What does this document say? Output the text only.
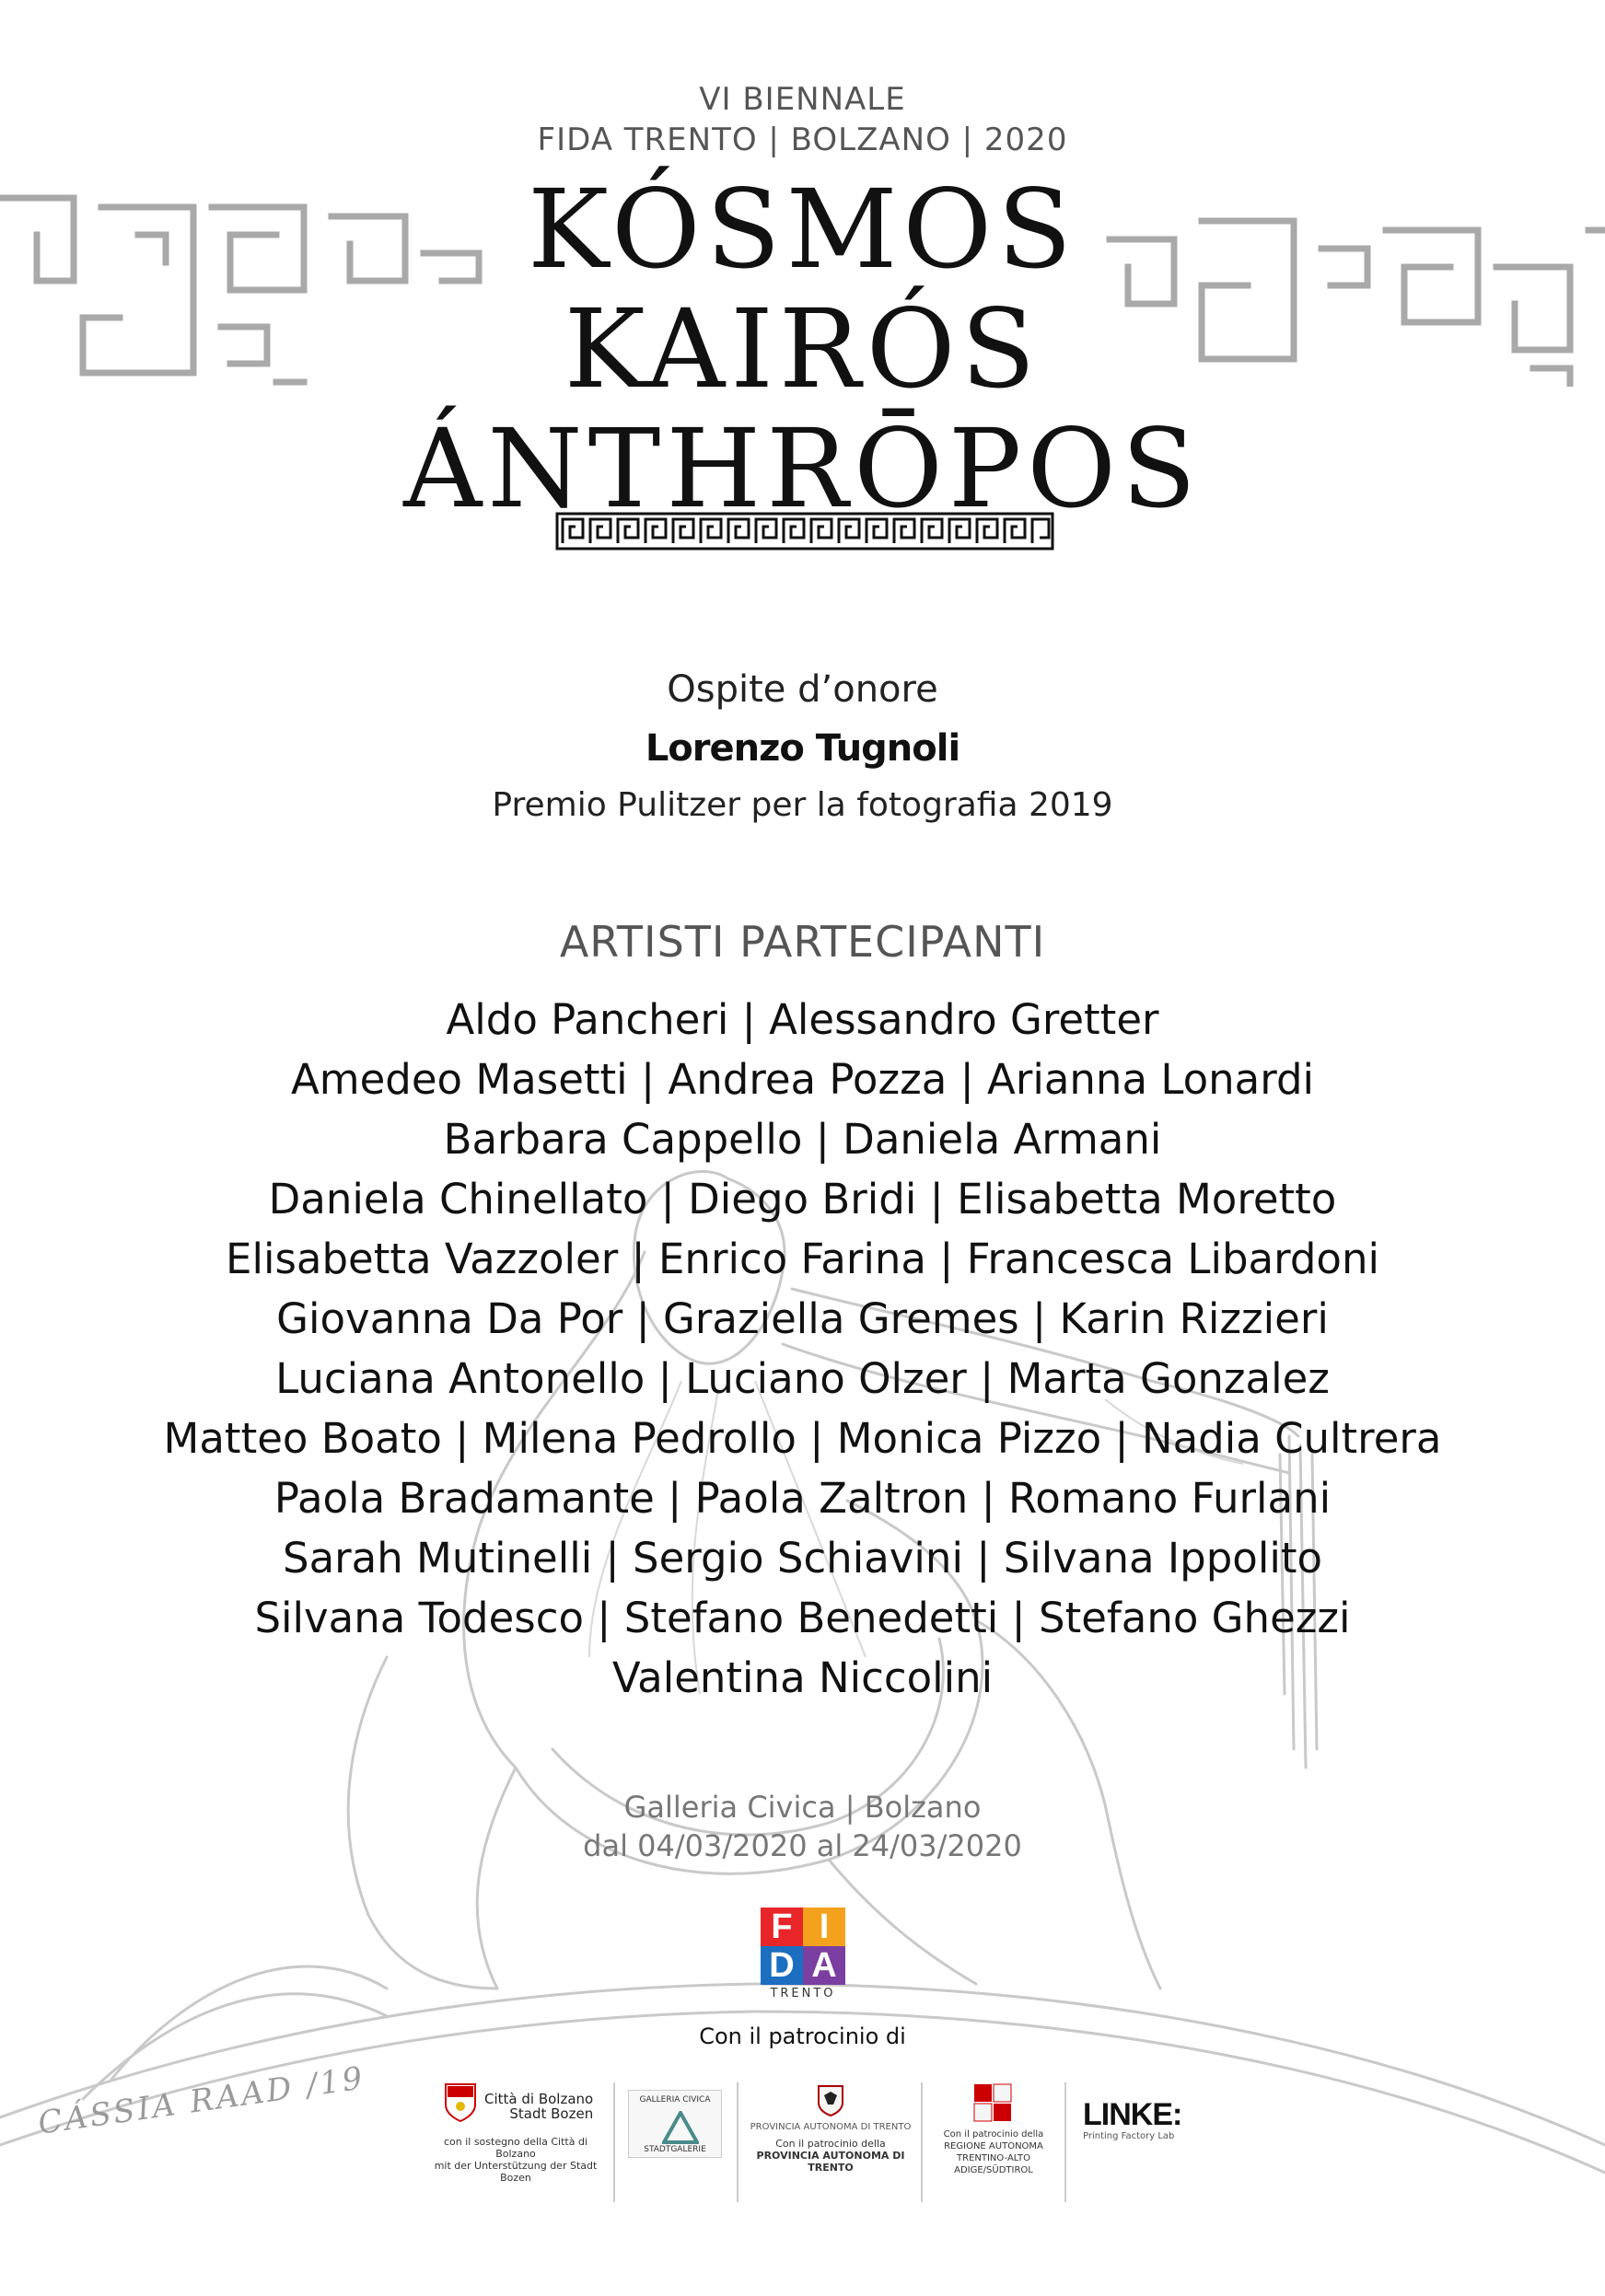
VI BIENNALE
FIDA TRENTO | BOLZANO | 2020
KÓSMOS
KAIRÓS
ÁNTHRŌPOS
Ospite d’onore
Lorenzo Tugnoli
Premio Pulitzer per la fotografia 2019
ARTISTI PARTECIPANTI
Aldo Pancheri | Alessandro Gretter
Amedeo Masetti | Andrea Pozza | Arianna Lonardi
Barbara Cappello | Daniela Armani
Daniela Chinellato | Diego Bridi | Elisabetta Moretto
Elisabetta Vazzoler | Enrico Farina | Francesca Libardoni
Giovanna Da Por | Graziella Gremes | Karin Rizzieri
Luciana Antonello | Luciano Olzer | Marta Gonzalez
Matteo Boato | Milena Pedrollo | Monica Pizzo | Nadia Cultrera
Paola Bradamante | Paola Zaltron | Romano Furlani
Sarah Mutinelli | Sergio Schiavini | Silvana Ippolito
Silvana Todesco | Stefano Benedetti | Stefano Ghezzi
Valentina Niccolini
Galleria Civica | Bolzano
dal 04/03/2020 al 24/03/2020
F I
D A
TRENTO
Con il patrocinio di
CÁSSIA RAAD /19	Città di Bolzano
Stadt Bozen
con il sostegno della Città di Bolzano
mit der Unterstützung der Stadt Bozen
GALLERIA CIVICA
STADTGALERIE
PROVINCIA AUTONOMA DI TRENTO
Con il patrocinio della
PROVINCIA AUTONOMA DI TRENTO
Con il patrocinio della
REGIONE AUTONOMA
TRENTINO-ALTO ADIGE/SÜDTIROL
LINKE:
Printing Factory Lab
